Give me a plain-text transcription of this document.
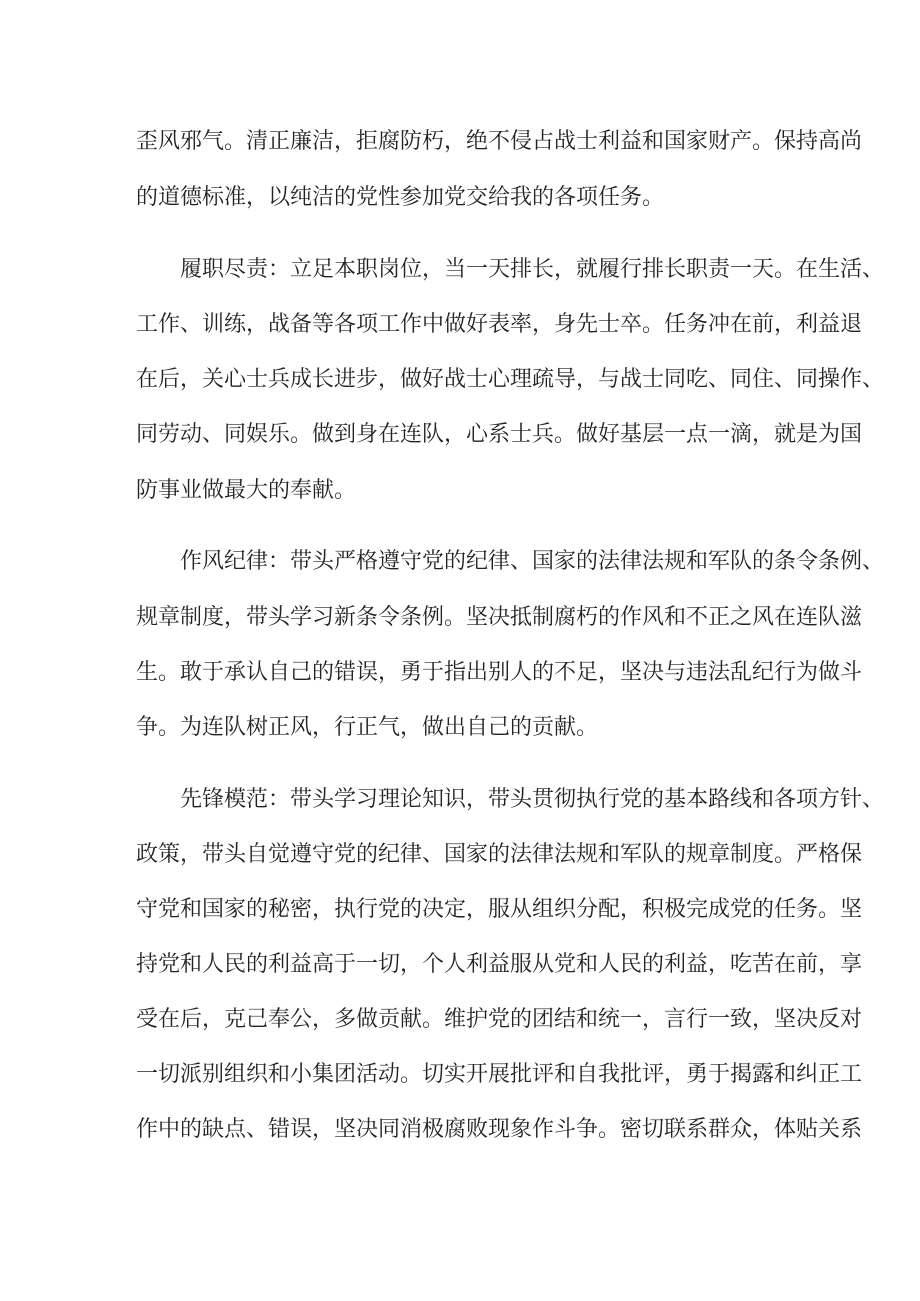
歪风邪气。清正廉洁，拒腐防朽，绝不侵占战士利益和国家财产。保持高尚
的道德标准，以纯洁的党性参加党交给我的各项任务。
履职尽责：立足本职岗位，当一天排长，就履行排长职责一天。在生活、
工作、训练，战备等各项工作中做好表率，身先士卒。任务冲在前，利益退
在后，关心士兵成长进步，做好战士心理疏导，与战士同吃、同住、同操作、
同劳动、同娱乐。做到身在连队，心系士兵。做好基层一点一滴，就是为国
防事业做最大的奉献。
作风纪律：带头严格遵守党的纪律、国家的法律法规和军队的条令条例、
规章制度，带头学习新条令条例。坚决抵制腐朽的作风和不正之风在连队滋
生。敢于承认自己的错误，勇于指出别人的不足，坚决与违法乱纪行为做斗
争。为连队树正风，行正气，做出自己的贡献。
先锋模范：带头学习理论知识，带头贯彻执行党的基本路线和各项方针、
政策，带头自觉遵守党的纪律、国家的法律法规和军队的规章制度。严格保
守党和国家的秘密，执行党的决定，服从组织分配，积极完成党的任务。坚
持党和人民的利益高于一切，个人利益服从党和人民的利益，吃苦在前，享
受在后，克己奉公，多做贡献。维护党的团结和统一，言行一致，坚决反对
一切派别组织和小集团活动。切实开展批评和自我批评，勇于揭露和纠正工
作中的缺点、错误，坚决同消极腐败现象作斗争。密切联系群众，体贴关系
